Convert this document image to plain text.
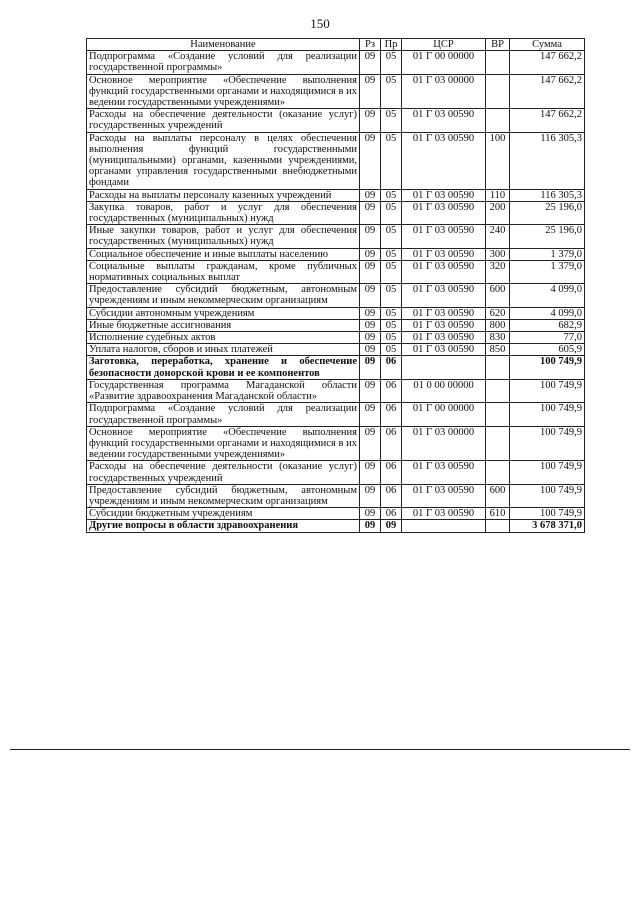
150
Наименование	Рз	Пр	ЦСР	ВР	Сумма
Подпрограмма «Создание условий для реализации государственной программы»	09	05	01 Г 00 00000		147 662,2
Основное мероприятие «Обеспечение выполнения функций государственными органами и находящимися в их ведении государственными учреждениями»	09	05	01 Г 03 00000		147 662,2
Расходы на обеспечение деятельности (оказание услуг) государственных учреждений	09	05	01 Г 03 00590		147 662,2
Расходы на выплаты персоналу в целях обеспечения выполнения функций государственными (муниципальными) органами, казенными учреждениями, органами управления государственными внебюджетными фондами	09	05	01 Г 03 00590	100	116 305,3
Расходы на выплаты персоналу казенных учреждений	09	05	01 Г 03 00590	110	116 305,3
Закупка товаров, работ и услуг для обеспечения государственных (муниципальных) нужд	09	05	01 Г 03 00590	200	25 196,0
Иные закупки товаров, работ и услуг для обеспечения государственных (муниципальных) нужд	09	05	01 Г 03 00590	240	25 196,0
Социальное обеспечение и иные выплаты населению	09	05	01 Г 03 00590	300	1 379,0
Социальные выплаты гражданам, кроме публичных нормативных социальных выплат	09	05	01 Г 03 00590	320	1 379,0
Предоставление субсидий бюджетным, автономным учреждениям и иным некоммерческим организациям	09	05	01 Г 03 00590	600	4 099,0
Субсидии автономным учреждениям	09	05	01 Г 03 00590	620	4 099,0
Иные бюджетные ассигнования	09	05	01 Г 03 00590	800	682,9
Исполнение судебных актов	09	05	01 Г 03 00590	830	77,0
Уплата налогов, сборов и иных платежей	09	05	01 Г 03 00590	850	605,9
Заготовка, переработка, хранение и обеспечение безопасности донорской крови и ее компонентов	09	06			100 749,9
Государственная программа Магаданской области «Развитие здравоохранения Магаданской области»	09	06	01 0 00 00000		100 749,9
Подпрограмма «Создание условий для реализации государственной программы»	09	06	01 Г 00 00000		100 749,9
Основное мероприятие «Обеспечение выполнения функций государственными органами и находящимися в их ведении государственными учреждениями»	09	06	01 Г 03 00000		100 749,9
Расходы на обеспечение деятельности (оказание услуг) государственных учреждений	09	06	01 Г 03 00590		100 749,9
Предоставление субсидий бюджетным, автономным учреждениям и иным некоммерческим организациям	09	06	01 Г 03 00590	600	100 749,9
Субсидии бюджетным учреждениям	09	06	01 Г 03 00590	610	100 749,9
Другие вопросы в области здравоохранения	09	09			3 678 371,0
